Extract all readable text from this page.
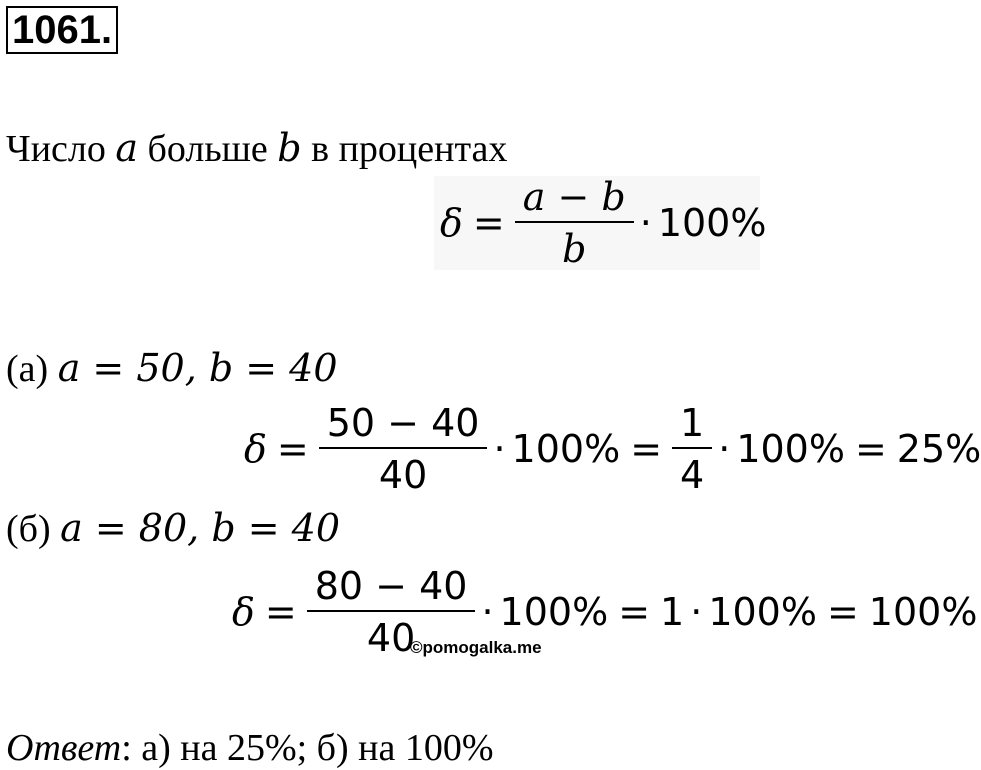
1061.
Число a больше b в процентах
$\delta = \frac{a - b}{b} \cdot 100\%$
(а) a = 50, b = 40
$\delta = \frac{50 - 40}{40} \cdot 100\% = \frac{1}{4} \cdot 100\% = 25\%$
(б) a = 80, b = 40
$\delta = \frac{80 - 40}{40} \cdot 100\% = 1 \cdot 100\% = 100\%$
©pomogalka.me
Ответ: а) на 25%; б) на 100%
